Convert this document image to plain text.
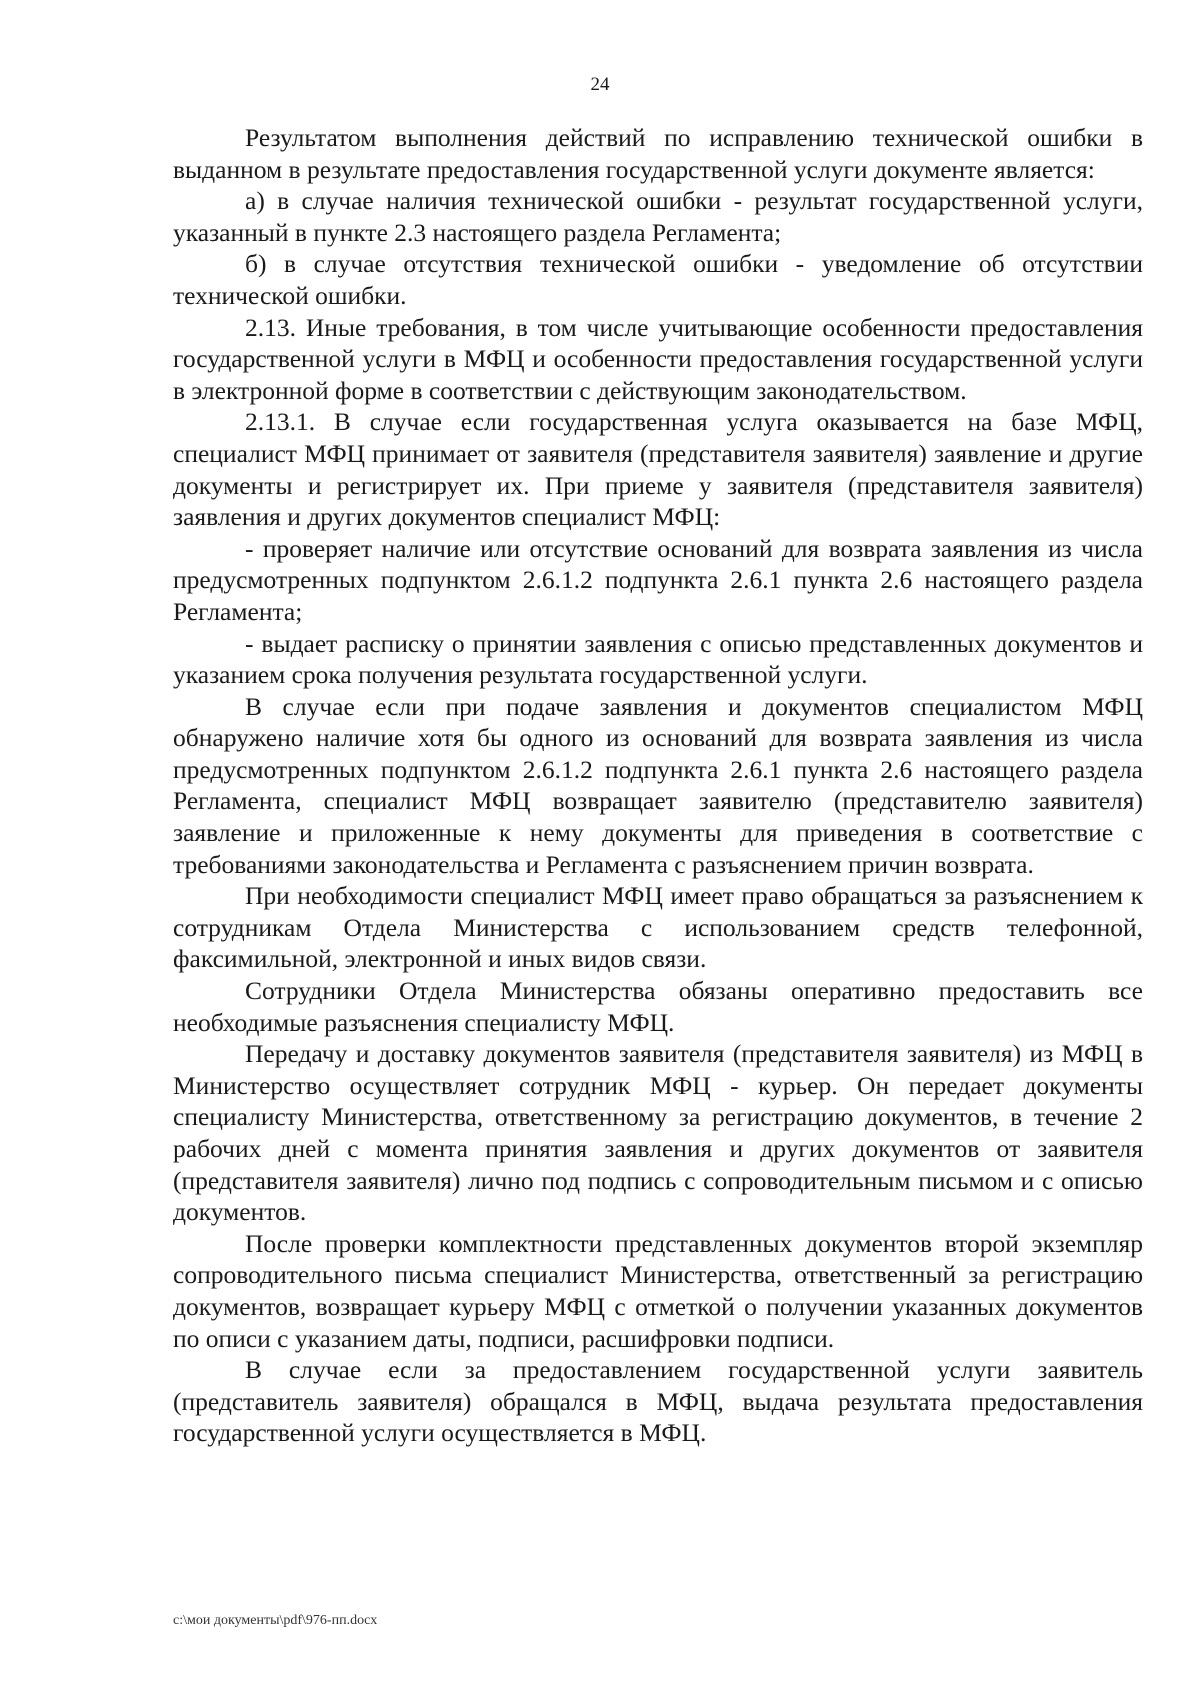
24

Результатом выполнения действий по исправлению технической ошибки в выданном в результате предоставления государственной услуги документе является:

а) в случае наличия технической ошибки - результат государственной услуги, указанный в пункте 2.3 настоящего раздела Регламента;

б) в случае отсутствия технической ошибки - уведомление об отсутствии технической ошибки.

2.13. Иные требования, в том числе учитывающие особенности предоставления государственной услуги в МФЦ и особенности предоставления государственной услуги в электронной форме в соответствии с действующим законодательством.

2.13.1. В случае если государственная услуга оказывается на базе МФЦ, специалист МФЦ принимает от заявителя (представителя заявителя) заявление и другие документы и регистрирует их. При приеме у заявителя (представителя заявителя) заявления и других документов специалист МФЦ:

- проверяет наличие или отсутствие оснований для возврата заявления из числа предусмотренных подпунктом 2.6.1.2 подпункта 2.6.1 пункта 2.6 настоящего раздела Регламента;

- выдает расписку о принятии заявления с описью представленных документов и указанием срока получения результата государственной услуги.

В случае если при подаче заявления и документов специалистом МФЦ обнаружено наличие хотя бы одного из оснований для возврата заявления из числа предусмотренных подпунктом 2.6.1.2 подпункта 2.6.1 пункта 2.6 настоящего раздела Регламента, специалист МФЦ возвращает заявителю (представителю заявителя) заявление и приложенные к нему документы для приведения в соответствие с требованиями законодательства и Регламента с разъяснением причин возврата.

При необходимости специалист МФЦ имеет право обращаться за разъяснением к сотрудникам Отдела Министерства с использованием средств телефонной, факсимильной, электронной и иных видов связи.

Сотрудники Отдела Министерства обязаны оперативно предоставить все необходимые разъяснения специалисту МФЦ.

Передачу и доставку документов заявителя (представителя заявителя) из МФЦ в Министерство осуществляет сотрудник МФЦ - курьер. Он передает документы специалисту Министерства, ответственному за регистрацию документов, в течение 2 рабочих дней с момента принятия заявления и других документов от заявителя (представителя заявителя) лично под подпись с сопроводительным письмом и с описью документов.

После проверки комплектности представленных документов второй экземпляр сопроводительного письма специалист Министерства, ответственный за регистрацию документов, возвращает курьеру МФЦ с отметкой о получении указанных документов по описи с указанием даты, подписи, расшифровки подписи.

В случае если за предоставлением государственной услуги заявитель (представитель заявителя) обращался в МФЦ, выдача результата предоставления государственной услуги осуществляется в МФЦ.

c:\мои документы\pdf\976-пп.docx
